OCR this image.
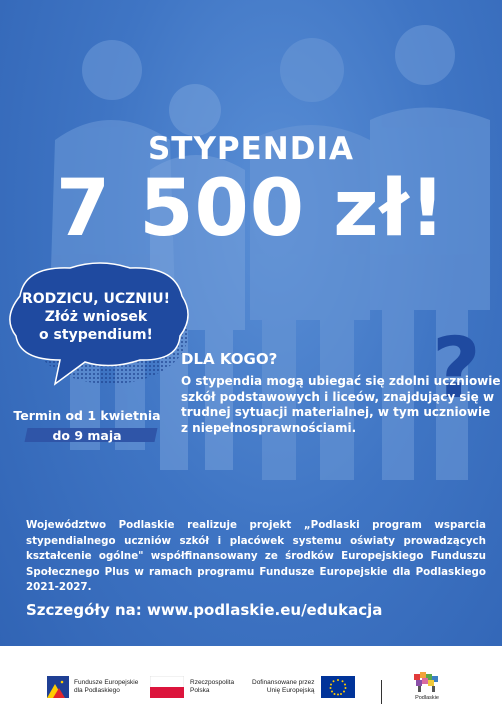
STYPENDIA
7 500 zł!
RODZICU, UCZNIU!
Złóż wniosek
o stypendium!
Termin od 1 kwietnia
do 9 maja
?
DLA KOGO?
O stypendia mogą ubiegać się zdolni uczniowie szkół podstawowych i liceów, znajdujący się w trudnej sytuacji materialnej, w tym uczniowie z niepełnosprawnościami.
Województwo Podlaskie realizuje projekt „Podlaski program wsparcia stypendialnego uczniów szkół i placówek systemu oświaty prowadzących kształcenie ogólne" współfinansowany ze środków Europejskiego Funduszu Społecznego Plus w ramach programu Fundusze Europejskie dla Podlaskiego 2021-2027.
Szczegóły na: www.podlaskie.eu/edukacja
Fundusze Europejskie
dla Podlaskiego
Rzeczpospolita
Polska
Dofinansowane przez
Unię Europejską
Podlaskie
